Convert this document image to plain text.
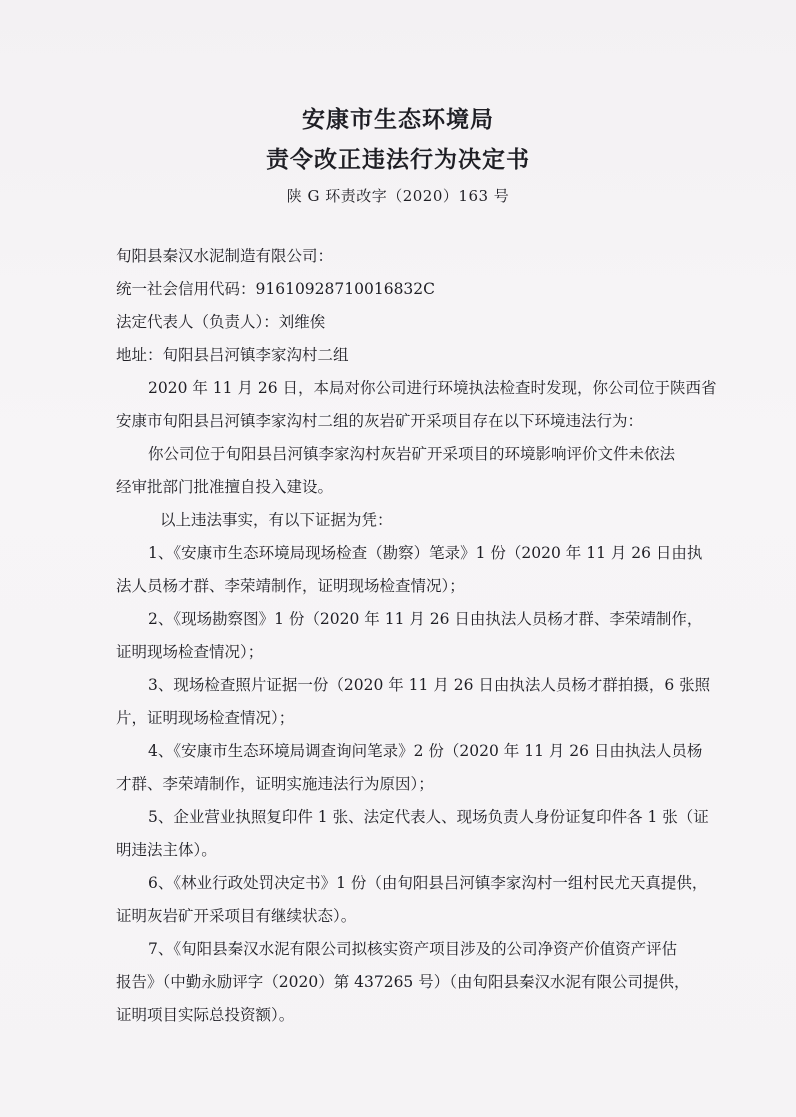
安康市生态环境局
责令改正违法行为决定书
陕 G 环责改字（2020）163 号
旬阳县秦汉水泥制造有限公司：
统一社会信用代码：91610928710016832C
法定代表人（负责人）：刘维俟
地址：旬阳县吕河镇李家沟村二组
2020 年 11 月 26 日，本局对你公司进行环境执法检查时发现，你公司位于陕西省
安康市旬阳县吕河镇李家沟村二组的灰岩矿开采项目存在以下环境违法行为：
你公司位于旬阳县吕河镇李家沟村灰岩矿开采项目的环境影响评价文件未依法
经审批部门批准擅自投入建设。
以上违法事实，有以下证据为凭：
1、《安康市生态环境局现场检查（勘察）笔录》1 份（2020 年 11 月 26 日由执
法人员杨才群、李荣靖制作，证明现场检查情况）；
2、《现场勘察图》1 份（2020 年 11 月 26 日由执法人员杨才群、李荣靖制作，
证明现场检查情况）；
3、现场检查照片证据一份（2020 年 11 月 26 日由执法人员杨才群拍摄，6 张照
片，证明现场检查情况）；
4、《安康市生态环境局调查询问笔录》2 份（2020 年 11 月 26 日由执法人员杨
才群、李荣靖制作，证明实施违法行为原因）；
5、企业营业执照复印件 1 张、法定代表人、现场负责人身份证复印件各 1 张（证
明违法主体）。
6、《林业行政处罚决定书》1 份（由旬阳县吕河镇李家沟村一组村民尤天真提供，
证明灰岩矿开采项目有继续状态）。
7、《旬阳县秦汉水泥有限公司拟核实资产项目涉及的公司净资产价值资产评估
报告》（中勤永励评字（2020）第 437265 号）（由旬阳县秦汉水泥有限公司提供，
证明项目实际总投资额）。
